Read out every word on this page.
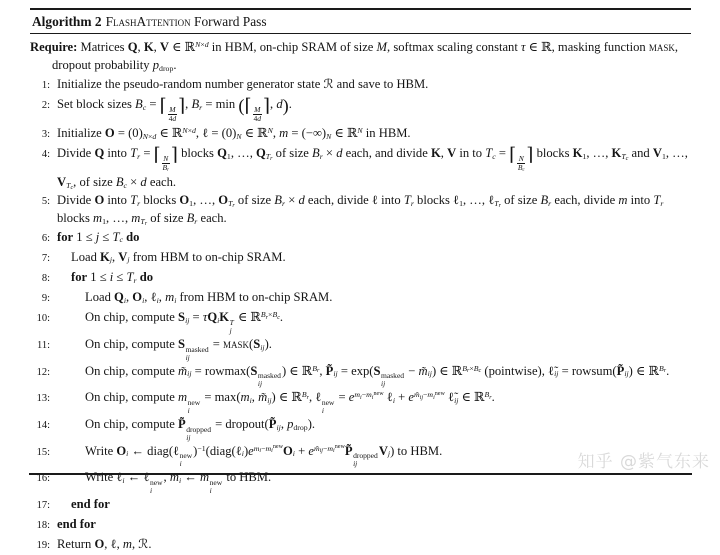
Algorithm 2 FlashAttention Forward Pass
Require: Matrices Q, K, V ∈ ℝ$^{N\times d}$ in HBM, on-chip SRAM of size M, softmax scaling constant τ ∈ ℝ, masking function mask, dropout probability $p_{drop}$.
1: Initialize the pseudo-random number generator state ℛ and save to HBM.
2: Set block sizes $B_c$ = ⌈ $\frac{M}{4d}$ ⌉, $B_r = \min$ (⌈ $\frac{M}{4d}$ ⌉, d).
3: Initialize $O = (0)_{N\times d}$ ∈ ℝ$^{N\times d}$, ℓ = $(0)_N$ ∈ ℝ$^N$, $m = (-\infty)_N$ ∈ ℝ$^N$ in HBM.
4: Divide Q into $T_r$ = ⌈ $\frac{N}{B_r}$ ⌉ blocks $Q_1$, …, $Q_{T_r}$ of size $B_r \times d$ each, and divide K, V in to $T_c$ = ⌈ $\frac{N}{B_c}$ ⌉ blocks $K_1$, …, $K_{T_c}$ and $V_1$, …, $V_{T_c}$, of size $B_c \times d$ each.
5: Divide O into $T_r$ blocks $O_1$, …, $O_{T_r}$ of size $B_r \times d$ each, divide ℓ into $T_r$ blocks ℓ$_1$, …, ℓ$_{T_r}$ of size $B_r$ each, divide m into $T_r$ blocks $m_1$, …, $m_{T_r}$ of size $B_r$ each.
6: for $1 \le j \le T_c$ do
7:	Load $K_j$, $V_j$ from HBM to on-chip SRAM.
8:	for $1 \le i \le T_r$ do
9:	Load $Q_i$, $O_i$, ℓ$_i$, $m_i$ from HBM to on-chip SRAM.
10:	On chip, compute $S_{ij} = \tau Q_iK$ T
j
∈ ℝ$^{B_r\times B_c}$.
11:	On chip, compute S masked
ij
= $mask(S_{ij})$.
12:	On chip, compute $m̃_{ij} = rowmax(S$ masked
ij
) ∈ ℝ$^{B_r}$, $P̃_{ij} = \exp(S$ masked
ij
− $m̃_{ij}$) ∈ ℝ$^{B_r\times B_c}$ (pointwise), $\ell̃_{ij}$ = $rowsum(P̃_{ij})$ ∈ ℝ$^{B_r}$.
13:	On chip, compute m new
i
= $\max(m_i$, $m̃_{ij}$) ∈ ℝ$^{B_r}$, ℓ new
i
= $e^{m_i-m_i^{new}}$ ℓ$_i$ + $e^{m̃_{ij}-m_i^{new}}$ $\ell̃_{ij}$ ∈ ℝ$^{B_r}$.
14:	On chip, compute P̃ dropped
ij
= $dropout(P̃_{ij}$, $p_{drop}$).
15:	Write $O_i$ ← diag(ℓ new
i
)$^{-1}(diag(\ell_i)e^{m_i-m_i^{new}}O_i$ + $e^{m̃_{ij}-m_i^{new}}P̃$ dropped
ij
$V_j$) to HBM.
16:	Write ℓ$_i$ ← ℓ new
i
, $m_i$ ← m new
i
to HBM.
17:	end for
18: end for
19: Return O, ℓ, m, ℛ.
知乎 @紫气东来
